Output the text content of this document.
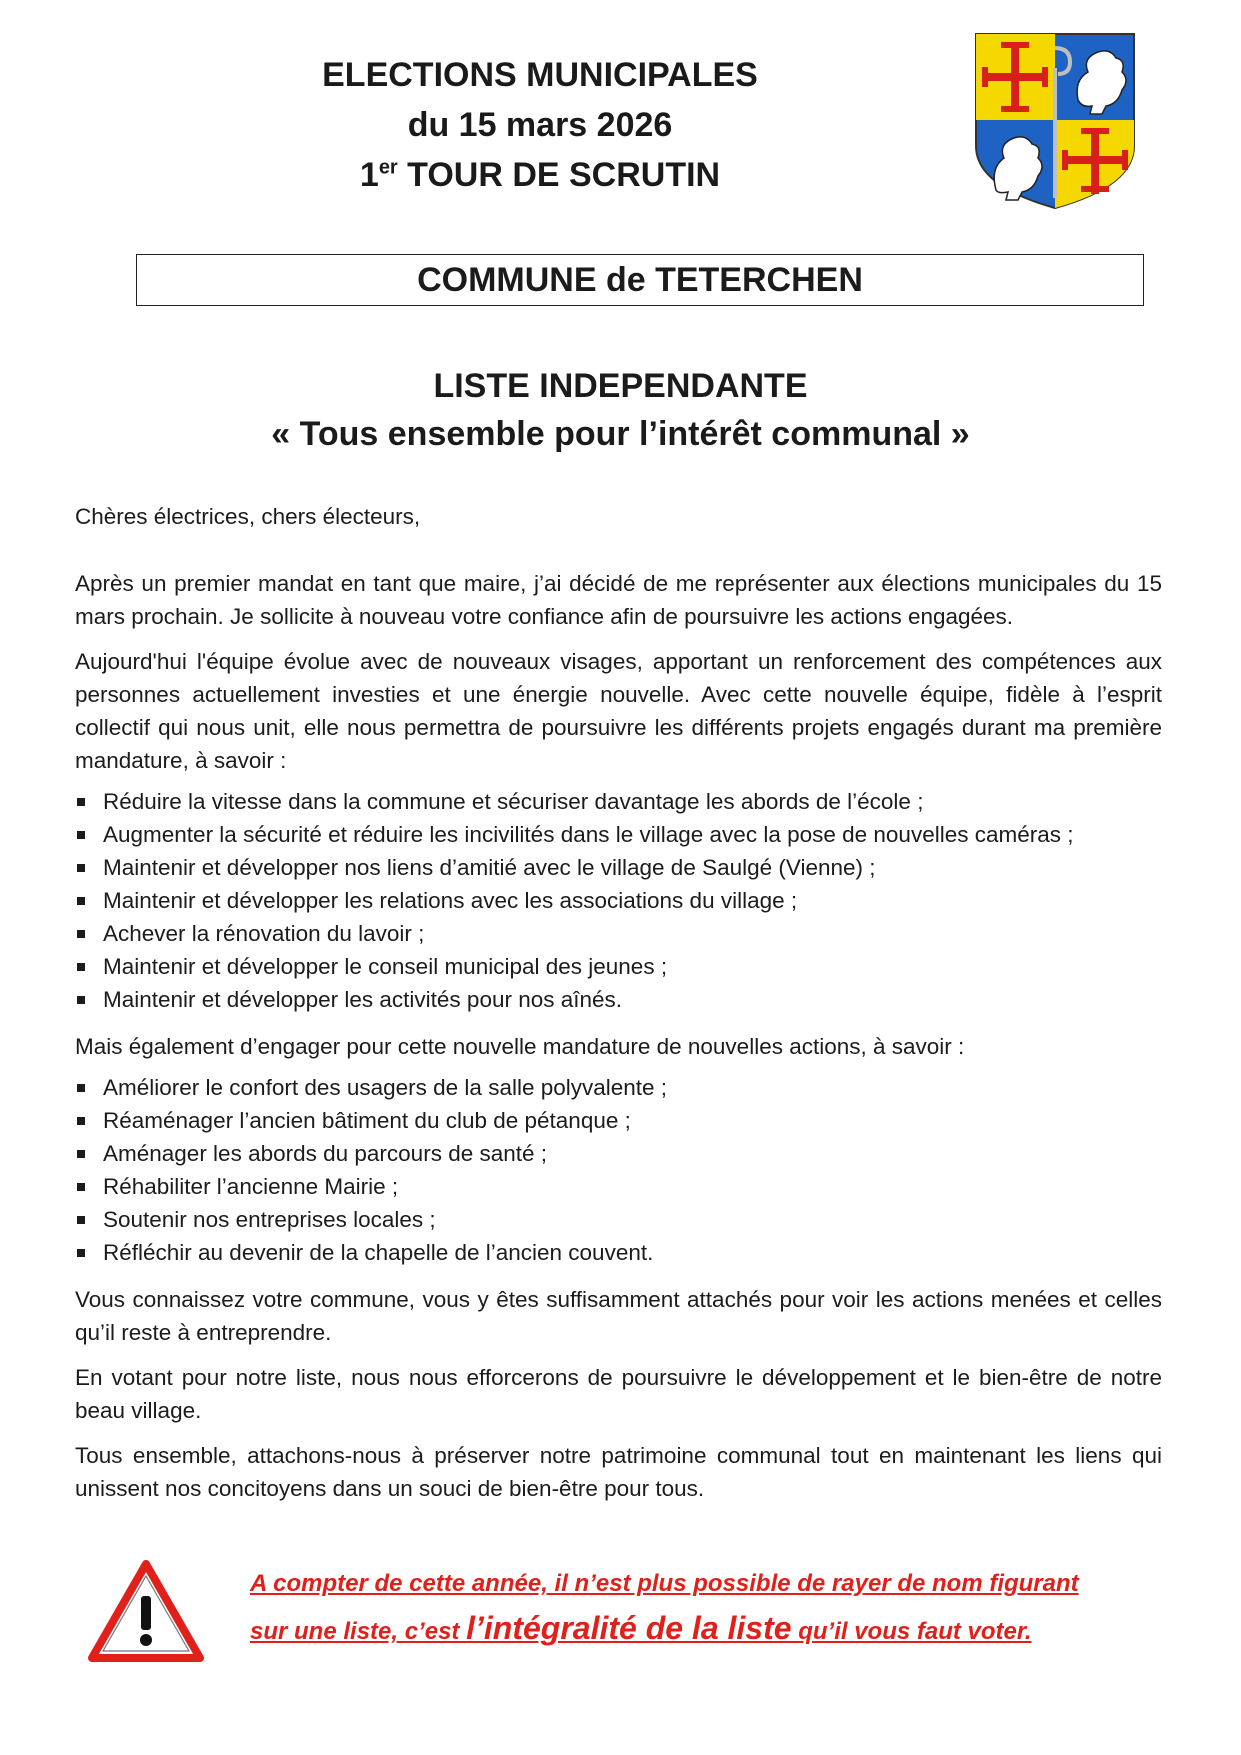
ELECTIONS MUNICIPALES
du 15 mars 2026
1er TOUR DE SCRUTIN
COMMUNE de TETERCHEN
LISTE INDEPENDANTE
« Tous ensemble pour l’intérêt communal »

Chères électrices, chers électeurs,

Après un premier mandat en tant que maire, j’ai décidé de me représenter aux élections municipales du 15 mars prochain. Je sollicite à nouveau votre confiance afin de poursuivre les actions engagées.

Aujourd'hui l'équipe évolue avec de nouveaux visages, apportant un renforcement des compétences aux personnes actuellement investies et une énergie nouvelle. Avec cette nouvelle équipe, fidèle à l’esprit collectif qui nous unit, elle nous permettra de poursuivre les différents projets engagés durant ma première mandature, à savoir :

Réduire la vitesse dans la commune et sécuriser davantage les abords de l’école ;
Augmenter la sécurité et réduire les incivilités dans le village avec la pose de nouvelles caméras ;
Maintenir et développer nos liens d’amitié avec le village de Saulgé (Vienne) ;
Maintenir et développer les relations avec les associations du village ;
Achever la rénovation du lavoir ;
Maintenir et développer le conseil municipal des jeunes ;
Maintenir et développer les activités pour nos aînés.

Mais également d’engager pour cette nouvelle mandature de nouvelles actions, à savoir :

Améliorer le confort des usagers de la salle polyvalente ;
Réaménager l’ancien bâtiment du club de pétanque ;
Aménager les abords du parcours de santé ;
Réhabiliter l’ancienne Mairie ;
Soutenir nos entreprises locales ;
Réfléchir au devenir de la chapelle de l’ancien couvent.

Vous connaissez votre commune, vous y êtes suffisamment attachés pour voir les actions menées et celles qu’il reste à entreprendre.

En votant pour notre liste, nous nous efforcerons de poursuivre le développement et le bien-être de notre beau village.

Tous ensemble, attachons-nous à préserver notre patrimoine communal tout en maintenant les liens qui unissent nos concitoyens dans un souci de bien-être pour tous.

A compter de cette année, il n’est plus possible de rayer de nom figurant
sur une liste, c’est l’intégralité de la liste qu’il vous faut voter.
